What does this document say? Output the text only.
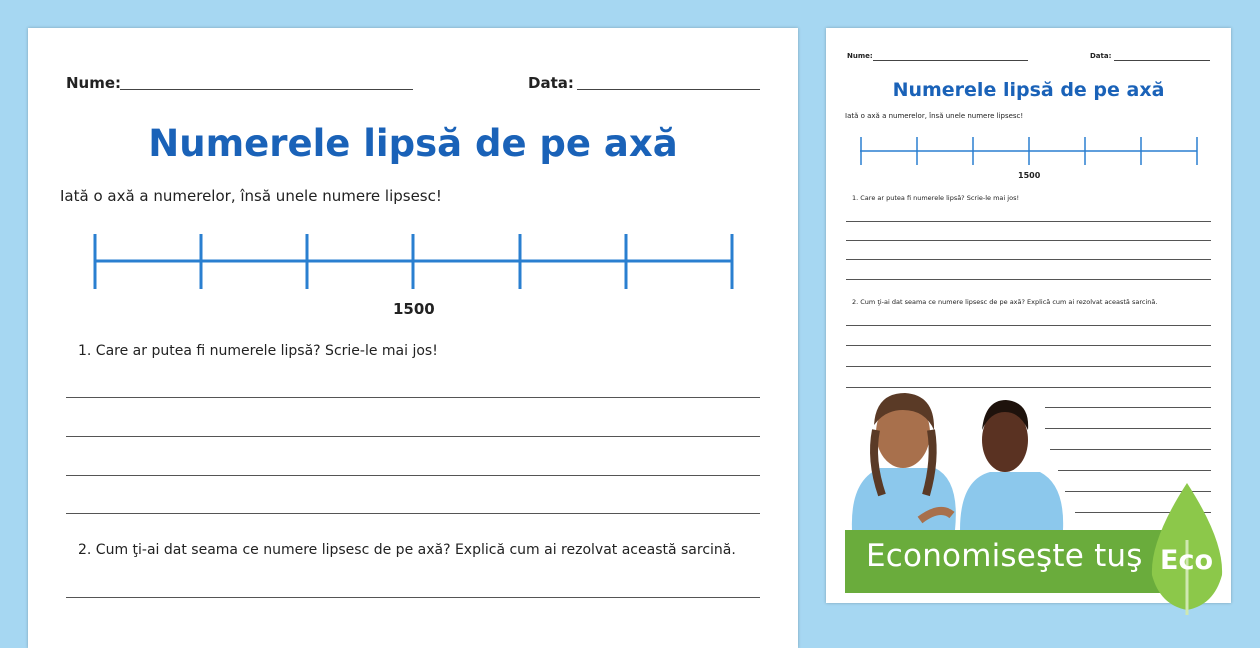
Nume:	Data:
Numerele lipsă de pe axă
Iată o axă a numerelor, însă unele numere lipsesc!
1500
1. Care ar putea fi numerele lipsă? Scrie-le mai jos!
2. Cum ţi-ai dat seama ce numere lipsesc de pe axă? Explică cum ai rezolvat această sarcină.
Nume:	Data:
Numerele lipsă de pe axă
Iată o axă a numerelor, însă unele numere lipsesc!
1500
1. Care ar putea fi numerele lipsă? Scrie-le mai jos!
2. Cum ţi-ai dat seama ce numere lipsesc de pe axă? Explică cum ai rezolvat această sarcină.
Economiseşte tuş Eco
